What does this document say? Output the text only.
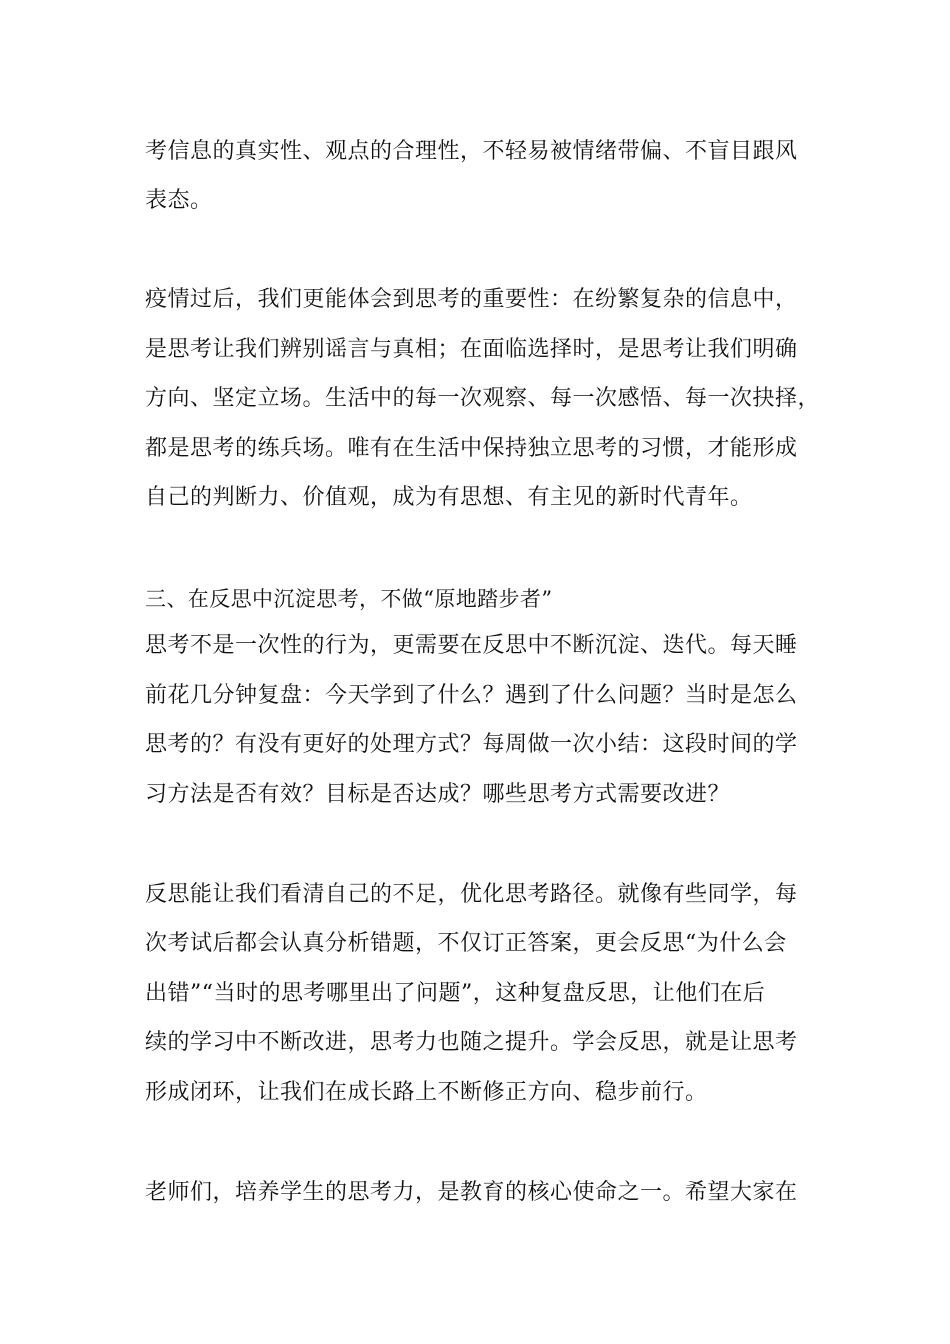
考信息的真实性、观点的合理性，不轻易被情绪带偏、不盲目跟风
表态。
疫情过后，我们更能体会到思考的重要性：在纷繁复杂的信息中，
是思考让我们辨别谣言与真相；在面临选择时，是思考让我们明确
方向、坚定立场。生活中的每一次观察、每一次感悟、每一次抉择，
都是思考的练兵场。唯有在生活中保持独立思考的习惯，才能形成
自己的判断力、价值观，成为有思想、有主见的新时代青年。
三、在反思中沉淀思考，不做“原地踏步者”
思考不是一次性的行为，更需要在反思中不断沉淀、迭代。每天睡
前花几分钟复盘：今天学到了什么？遇到了什么问题？当时是怎么
思考的？有没有更好的处理方式？每周做一次小结：这段时间的学
习方法是否有效？目标是否达成？哪些思考方式需要改进？
反思能让我们看清自己的不足，优化思考路径。就像有些同学，每
次考试后都会认真分析错题，不仅订正答案，更会反思“为什么会
出错”“当时的思考哪里出了问题”，这种复盘反思，让他们在后
续的学习中不断改进，思考力也随之提升。学会反思，就是让思考
形成闭环，让我们在成长路上不断修正方向、稳步前行。
老师们，培养学生的思考力，是教育的核心使命之一。希望大家在
